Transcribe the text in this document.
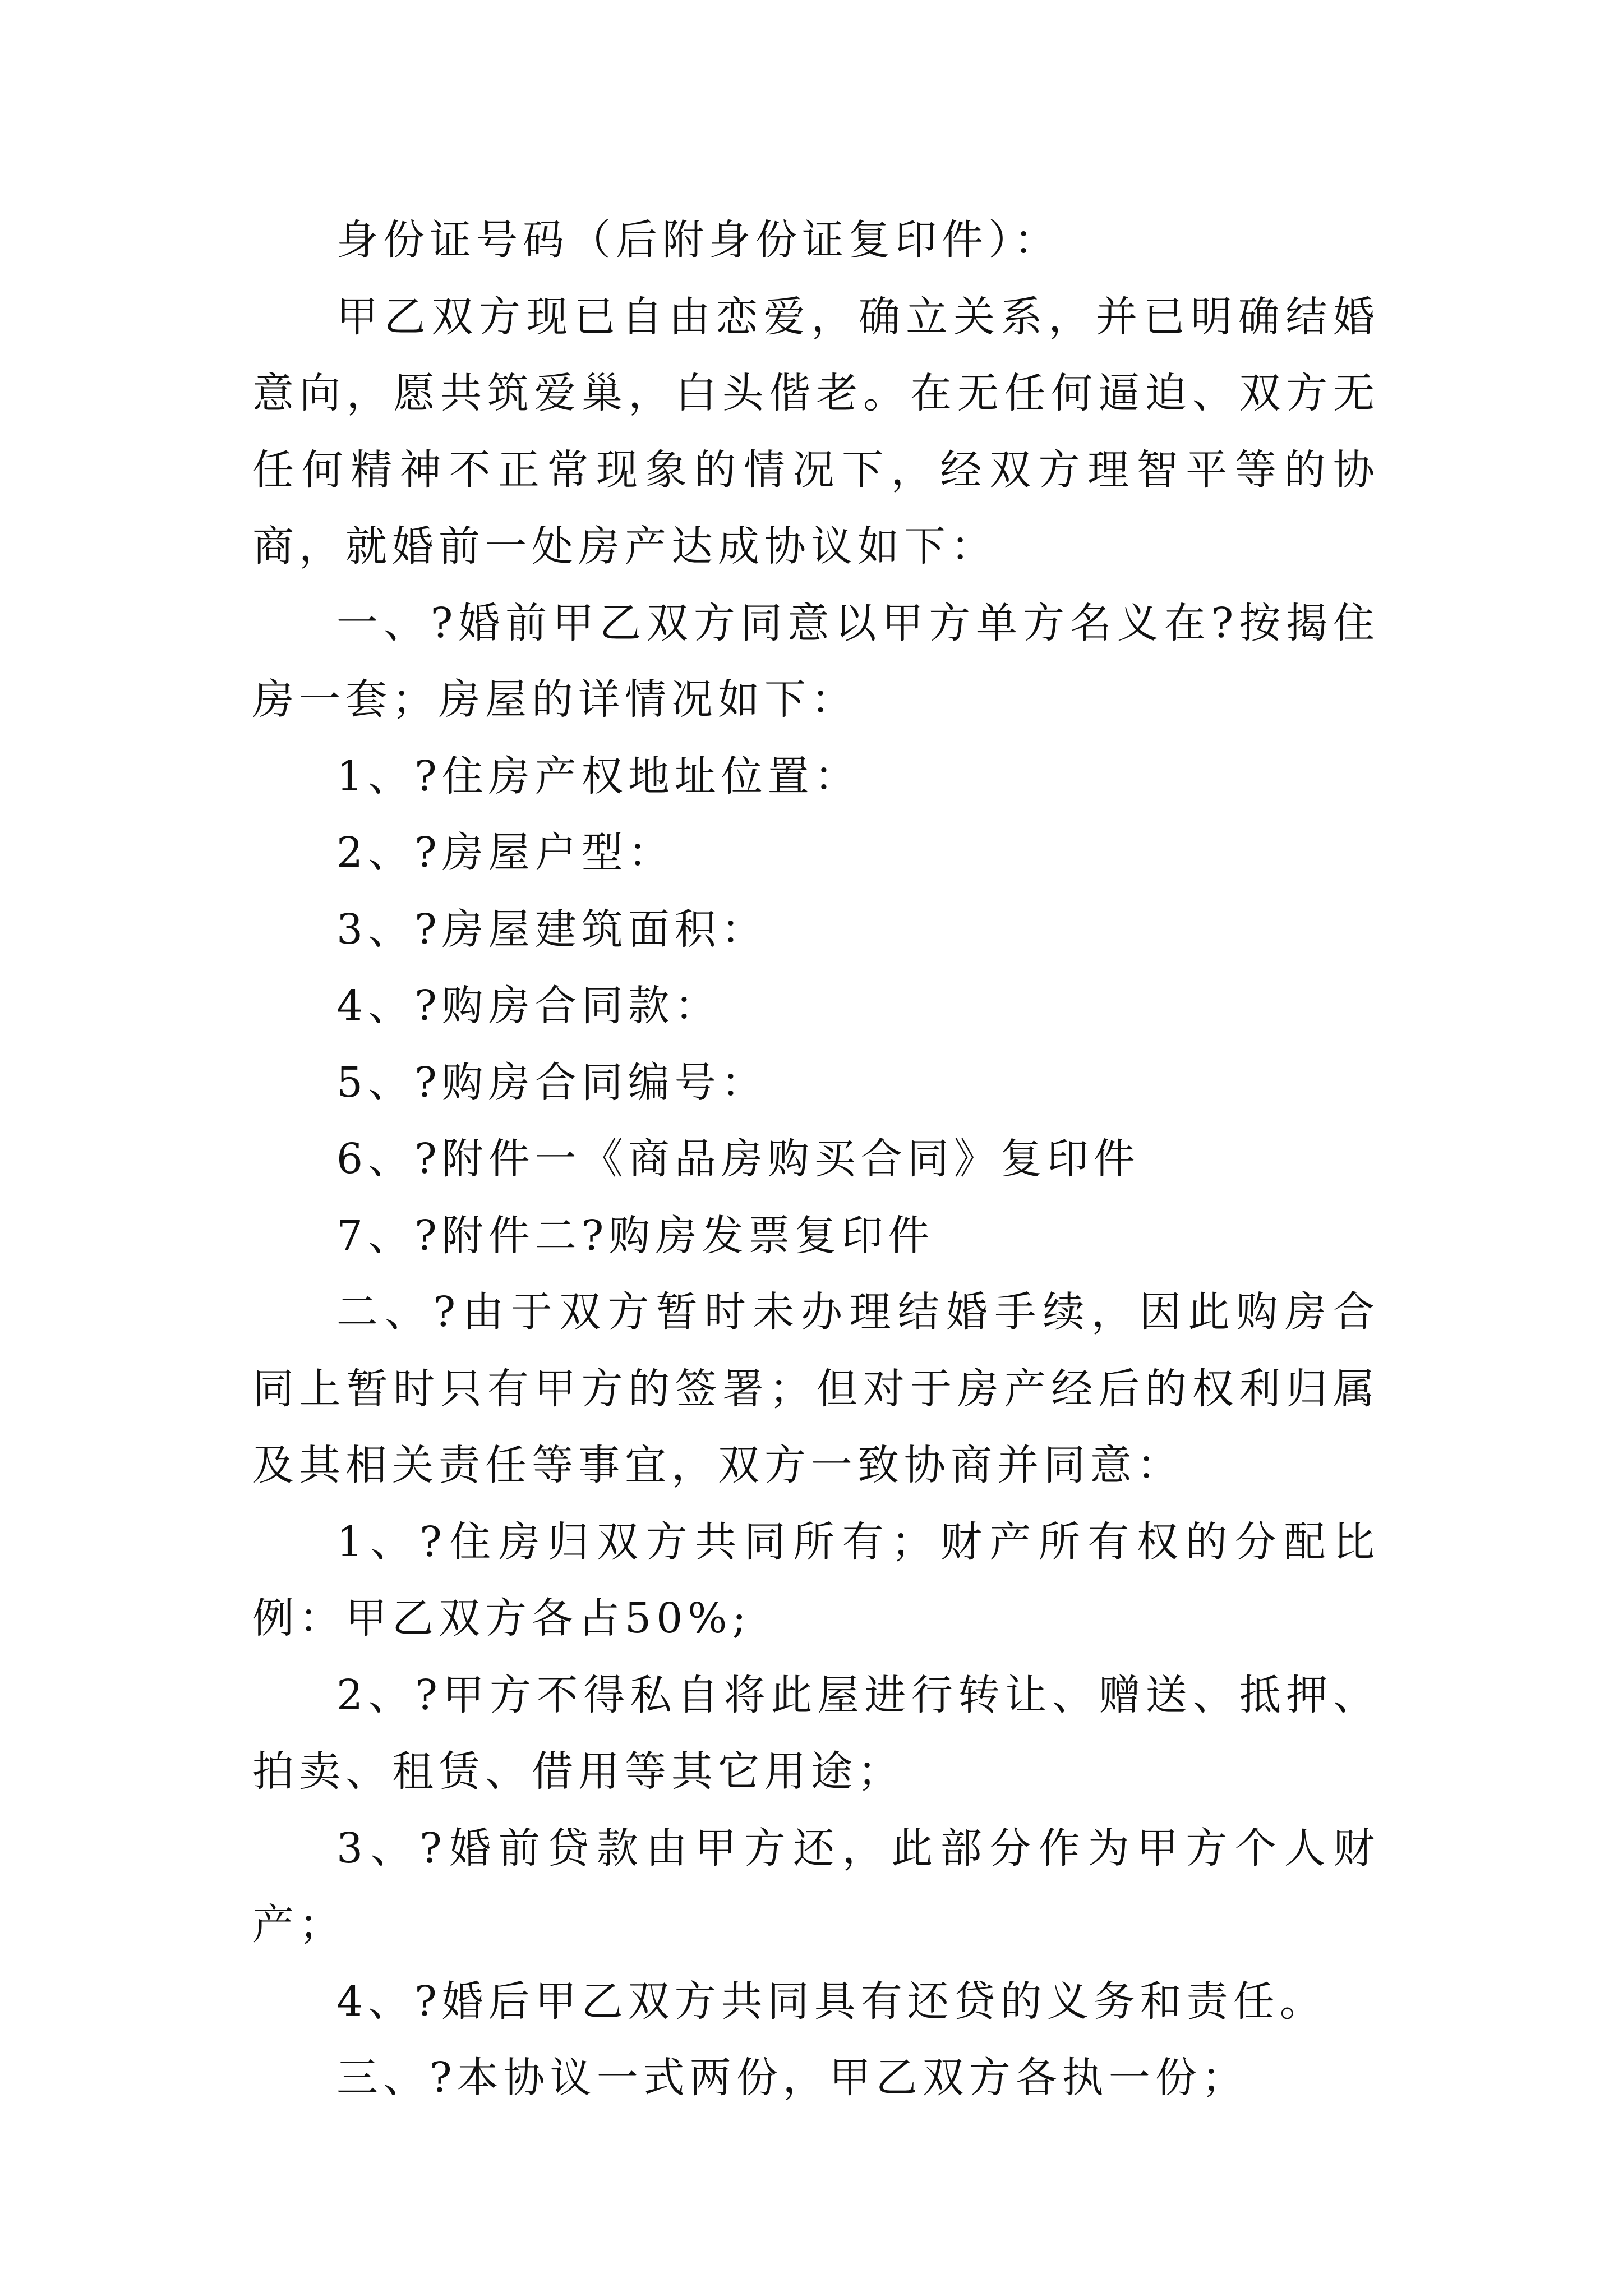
身份证号码（后附身份证复印件）：

甲乙双方现已自由恋爱，确立关系，并已明确结婚意向，愿共筑爱巢，白头偕老。在无任何逼迫、双方无任何精神不正常现象的情况下，经双方理智平等的协商，就婚前一处房产达成协议如下：

一、?婚前甲乙双方同意以甲方单方名义在?按揭住房一套；房屋的详情况如下：

1、?住房产权地址位置：

2、?房屋户型：

3、?房屋建筑面积：

4、?购房合同款：

5、?购房合同编号：

6、?附件一《商品房购买合同》复印件

7、?附件二?购房发票复印件

二、?由于双方暂时未办理结婚手续，因此购房合同上暂时只有甲方的签署；但对于房产经后的权利归属及其相关责任等事宜，双方一致协商并同意：

1、?住房归双方共同所有；财产所有权的分配比例：甲乙双方各占50%;

2、?甲方不得私自将此屋进行转让、赠送、抵押、拍卖、租赁、借用等其它用途；

3、?婚前贷款由甲方还，此部分作为甲方个人财产；

4、?婚后甲乙双方共同具有还贷的义务和责任。

三、?本协议一式两份，甲乙双方各执一份；
